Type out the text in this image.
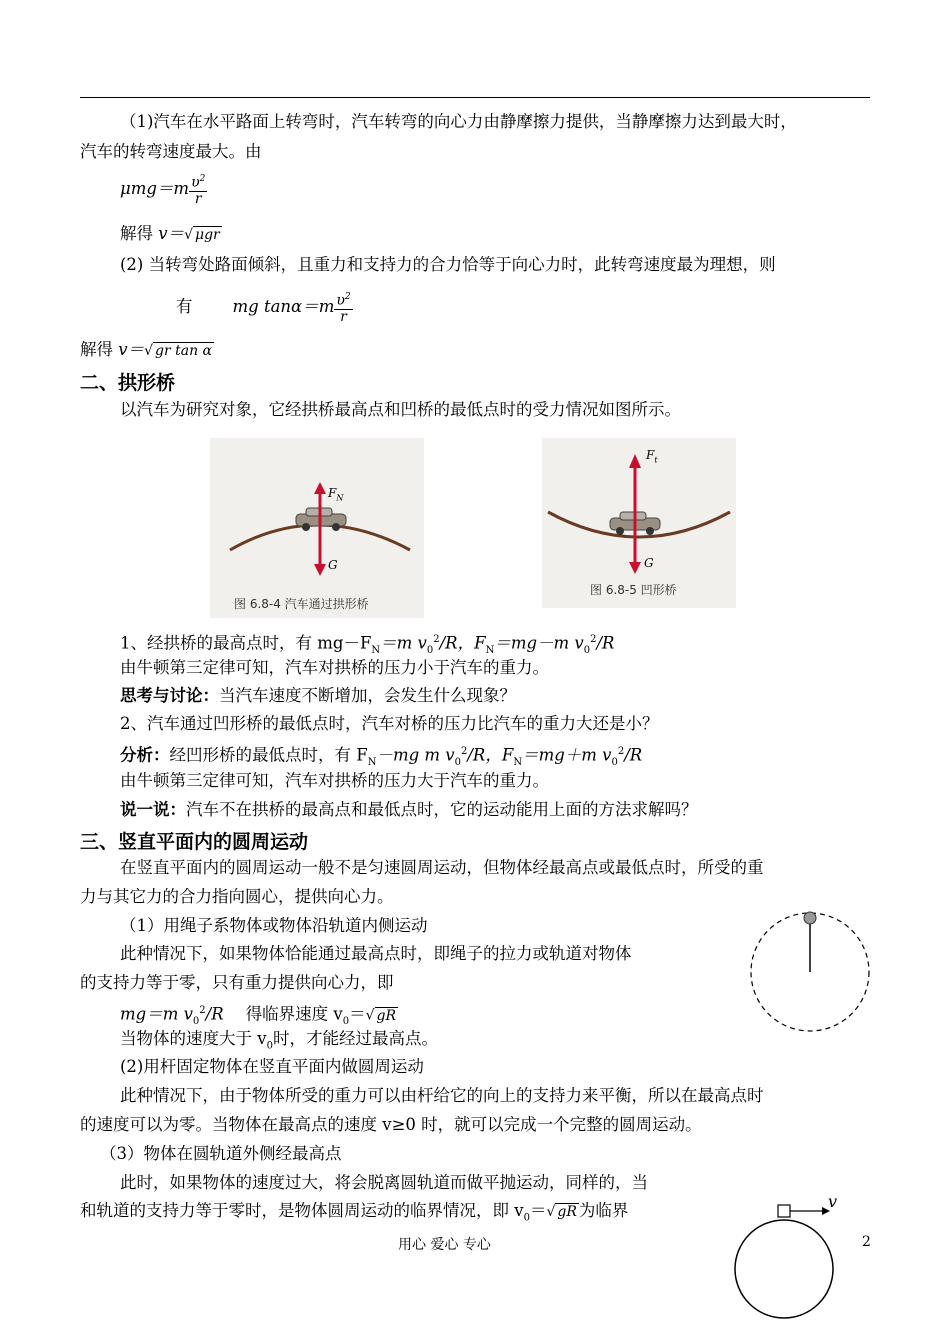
（1)汽车在水平路面上转弯时，汽车转弯的向心力由静摩擦力提供，当静摩擦力达到最大时，
汽车的转弯速度最大。由
$\mu mg=m \frac{\upsilon^2}{r}$
解得 v＝√ μgr
(2) 当转弯处路面倾斜，且重力和支持力的合力恰等于向心力时，此转弯速度最为理想，则
有 mg $\tan\alpha=m \frac{\upsilon^2}{r}$
解得 v＝√ gr tan α
二、拱形桥
以汽车为研究对象，它经拱桥最高点和凹桥的最低点时的受力情况如图所示。
$F_N$
G
图 6.8-4 汽车通过拱形桥
$F_t$
G
图 6.8-5 凹形桥
1、经拱桥的最高点时，有 $mg-F_N=m$ $v_0^2/R$，$F_N=mg-m$ $v_0^2/R$
由牛顿第三定律可知，汽车对拱桥的压力小于汽车的重力。
思考与讨论：当汽车速度不断增加，会发生什么现象？
2、汽车通过凹形桥的最低点时，汽车对桥的压力比汽车的重力大还是小？
分析：经凹形桥的最低点时，有 $F_N-mg$ m $v_0^2/R$，$F_N=mg+m$ $v_0^2/R$
由牛顿第三定律可知，汽车对拱桥的压力大于汽车的重力。
说一说：汽车不在拱桥的最高点和最低点时，它的运动能用上面的方法求解吗？
三、竖直平面内的圆周运动
在竖直平面内的圆周运动一般不是匀速圆周运动，但物体经最高点或最低点时，所受的重
力与其它力的合力指向圆心，提供向心力。
（1）用绳子系物体或物体沿轨道内侧运动
此种情况下，如果物体恰能通过最高点时，即绳子的拉力或轨道对物体
的支持力等于零，只有重力提供向心力，即
mg＝m $v_0^2/R$ 得临界速度 $v_0=√$ gR
当物体的速度大于 $v_0$时，才能经过最高点。
(2)用杆固定物体在竖直平面内做圆周运动
此种情况下，由于物体所受的重力可以由杆给它的向上的支持力来平衡，所以在最高点时
的速度可以为零。当物体在最高点的速度 v≥0 时，就可以完成一个完整的圆周运动。
（3）物体在圆轨道外侧经最高点
此时，如果物体的速度过大，将会脱离圆轨道而做平抛运动，同样的，当
和轨道的支持力等于零时，是物体圆周运动的临界情况，即 $v_0=√$ gR 为临界	v
用心 爱心 专心	2
